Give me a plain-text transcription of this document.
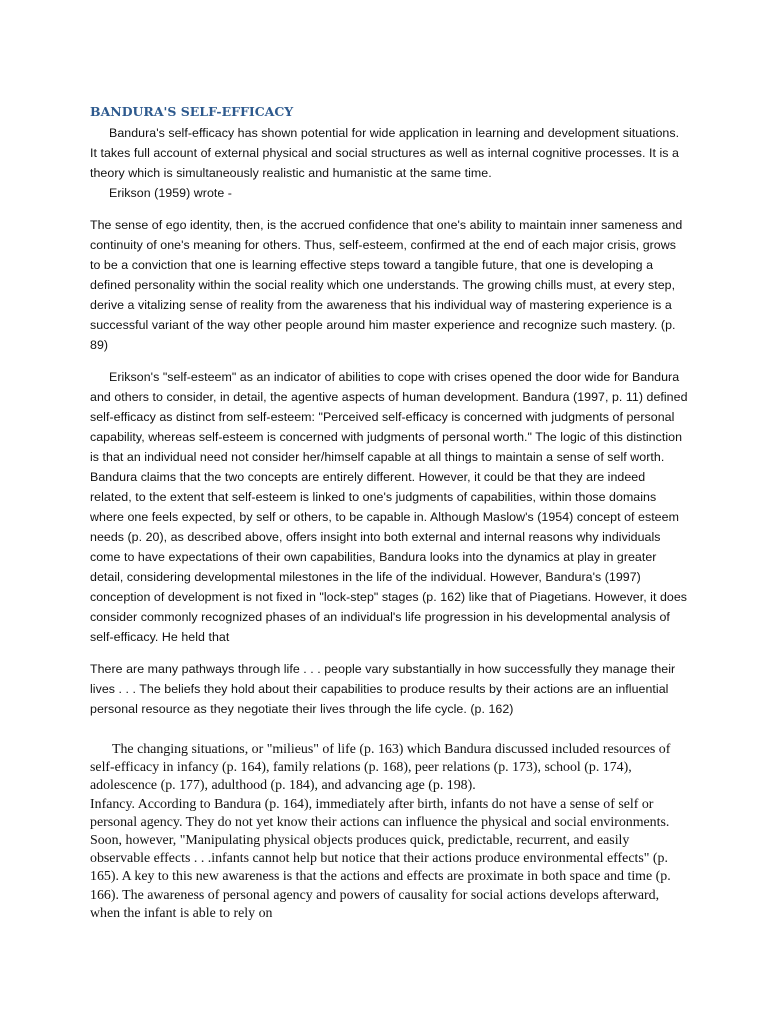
BANDURA'S SELF-EFFICACY

Bandura's self-efficacy has shown potential for wide application in learning and development situations. It takes full account of external physical and social structures as well as internal cognitive processes. It is a theory which is simultaneously realistic and humanistic at the same time.

Erikson (1959) wrote -

The sense of ego identity, then, is the accrued confidence that one's ability to maintain inner sameness and continuity of one's meaning for others. Thus, self-esteem, confirmed at the end of each major crisis, grows to be a conviction that one is learning effective steps toward a tangible future, that one is developing a defined personality within the social reality which one understands. The growing chills must, at every step, derive a vitalizing sense of reality from the awareness that his individual way of mastering experience is a successful variant of the way other people around him master experience and recognize such mastery. (p. 89)

Erikson's "self-esteem" as an indicator of abilities to cope with crises opened the door wide for Bandura and others to consider, in detail, the agentive aspects of human development. Bandura (1997, p. 11) defined self-efficacy as distinct from self-esteem: "Perceived self-efficacy is concerned with judgments of personal capability, whereas self-esteem is concerned with judgments of personal worth." The logic of this distinction is that an individual need not consider her/himself capable at all things to maintain a sense of self worth. Bandura claims that the two concepts are entirely different. However, it could be that they are indeed related, to the extent that self-esteem is linked to one's judgments of capabilities, within those domains where one feels expected, by self or others, to be capable in. Although Maslow's (1954) concept of esteem needs (p. 20), as described above, offers insight into both external and internal reasons why individuals come to have expectations of their own capabilities, Bandura looks into the dynamics at play in greater detail, considering developmental milestones in the life of the individual. However, Bandura's (1997) conception of development is not fixed in "lock-step" stages (p. 162) like that of Piagetians. However, it does consider commonly recognized phases of an individual's life progression in his developmental analysis of self-efficacy. He held that

There are many pathways through life . . . people vary substantially in how successfully they manage their lives . . . The beliefs they hold about their capabilities to produce results by their actions are an influential personal resource as they negotiate their lives through the life cycle. (p. 162)

The changing situations, or "milieus" of life (p. 163) which Bandura discussed included resources of self-efficacy in infancy (p. 164), family relations (p. 168), peer relations (p. 173), school (p. 174), adolescence (p. 177), adulthood (p. 184), and advancing age (p. 198).
Infancy. According to Bandura (p. 164), immediately after birth, infants do not have a sense of self or personal agency. They do not yet know their actions can influence the physical and social environments. Soon, however, "Manipulating physical objects produces quick, predictable, recurrent, and easily observable effects . . .infants cannot help but notice that their actions produce environmental effects" (p. 165). A key to this new awareness is that the actions and effects are proximate in both space and time (p. 166). The awareness of personal agency and powers of causality for social actions develops afterward, when the infant is able to rely on
